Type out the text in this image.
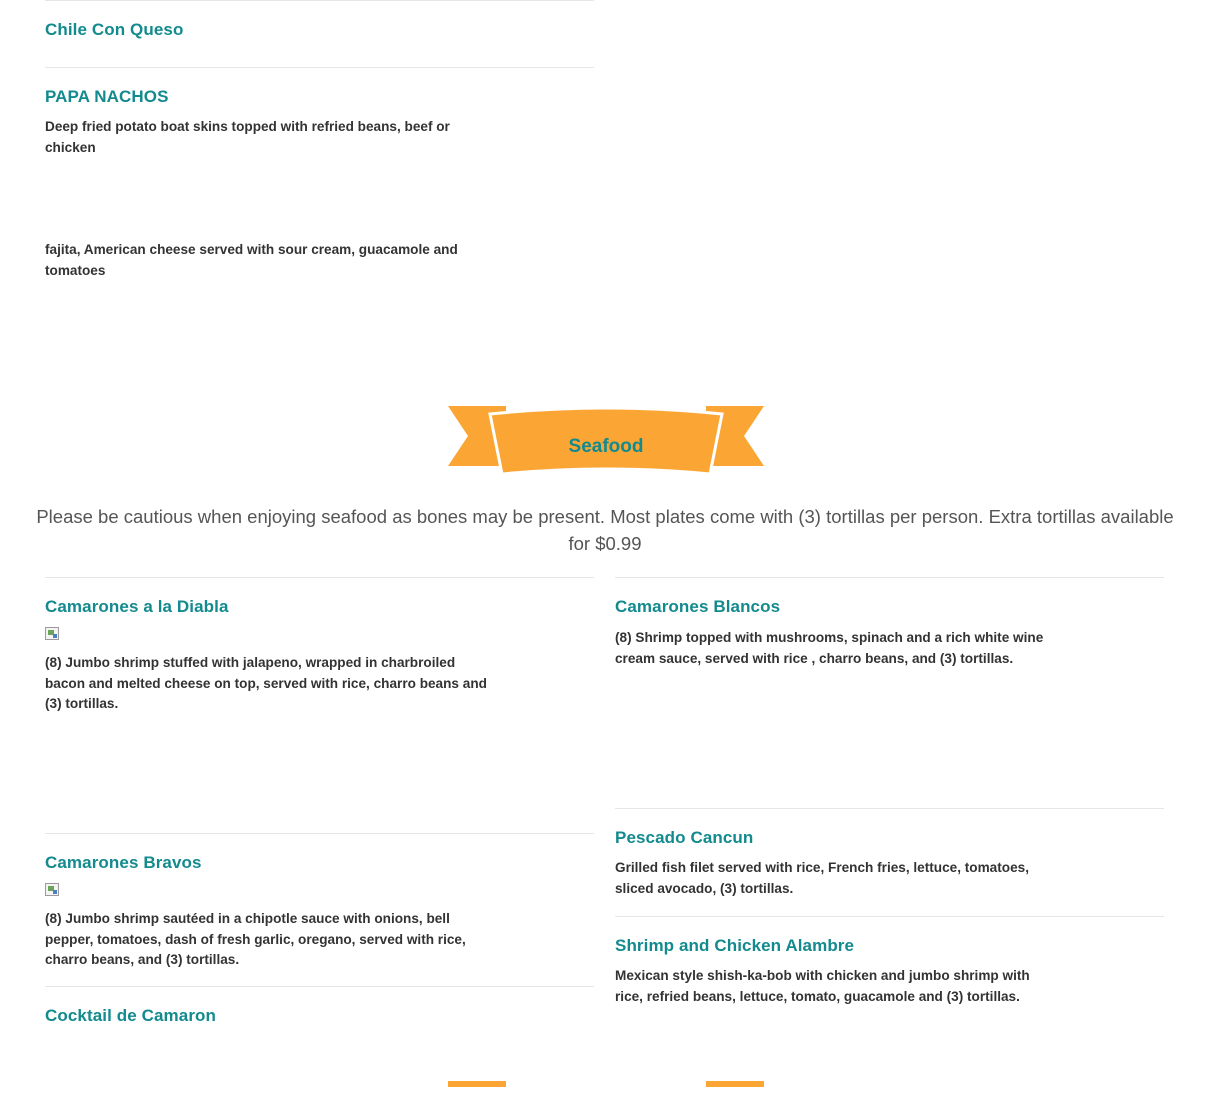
Chile Con Queso
PAPA NACHOS

Deep fried potato boat skins topped with refried beans, beef or chicken

fajita, American cheese served with sour cream, guacamole and tomatoes

Seafood

Please be cautious when enjoying seafood as bones may be present. Most plates come with (3) tortillas per person. Extra tortillas available for $0.99

Camarones a la Diabla

(8) Jumbo shrimp stuffed with jalapeno, wrapped in charbroiled bacon and melted cheese on top, served with rice, charro beans and (3) tortillas.

Camarones Bravos

(8) Jumbo shrimp sautéed in a chipotle sauce with onions, bell pepper, tomatoes, dash of fresh garlic, oregano, served with rice, charro beans, and (3) tortillas.

Cocktail de Camaron
Camarones Blancos

(8) Shrimp topped with mushrooms, spinach and a rich white wine cream sauce, served with rice , charro beans, and (3) tortillas.

Pescado Cancun

Grilled fish filet served with rice, French fries, lettuce, tomatoes, sliced avocado, (3) tortillas.

Shrimp and Chicken Alambre

Mexican style shish-ka-bob with chicken and jumbo shrimp with rice, refried beans, lettuce, tomato, guacamole and (3) tortillas.
